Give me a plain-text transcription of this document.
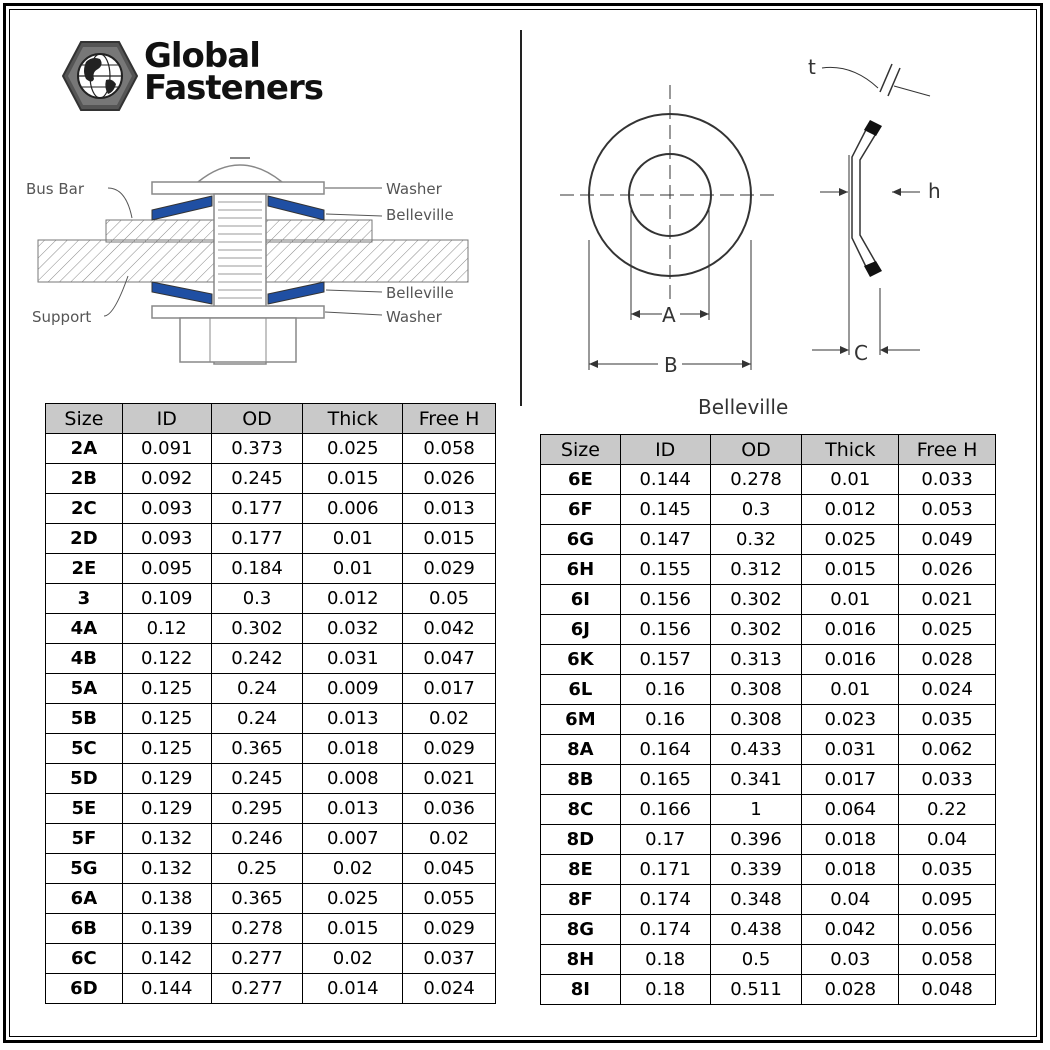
Global
Fasteners
Bus Bar
Support
Washer
Belleville
Belleville
Washer	A
B	C
t
h
Belleville
Size	ID	OD	Thick	Free H
2A	0.091	0.373	0.025	0.058
2B	0.092	0.245	0.015	0.026
2C	0.093	0.177	0.006	0.013
2D	0.093	0.177	0.01	0.015
2E	0.095	0.184	0.01	0.029
3	0.109	0.3	0.012	0.05
4A	0.12	0.302	0.032	0.042
4B	0.122	0.242	0.031	0.047
5A	0.125	0.24	0.009	0.017
5B	0.125	0.24	0.013	0.02
5C	0.125	0.365	0.018	0.029
5D	0.129	0.245	0.008	0.021
5E	0.129	0.295	0.013	0.036
5F	0.132	0.246	0.007	0.02
5G	0.132	0.25	0.02	0.045
6A	0.138	0.365	0.025	0.055
6B	0.139	0.278	0.015	0.029
6C	0.142	0.277	0.02	0.037
6D	0.144	0.277	0.014	0.024
Size	ID	OD	Thick	Free H
6E	0.144	0.278	0.01	0.033
6F	0.145	0.3	0.012	0.053
6G	0.147	0.32	0.025	0.049
6H	0.155	0.312	0.015	0.026
6I	0.156	0.302	0.01	0.021
6J	0.156	0.302	0.016	0.025
6K	0.157	0.313	0.016	0.028
6L	0.16	0.308	0.01	0.024
6M	0.16	0.308	0.023	0.035
8A	0.164	0.433	0.031	0.062
8B	0.165	0.341	0.017	0.033
8C	0.166	1	0.064	0.22
8D	0.17	0.396	0.018	0.04
8E	0.171	0.339	0.018	0.035
8F	0.174	0.348	0.04	0.095
8G	0.174	0.438	0.042	0.056
8H	0.18	0.5	0.03	0.058
8I	0.18	0.511	0.028	0.048
